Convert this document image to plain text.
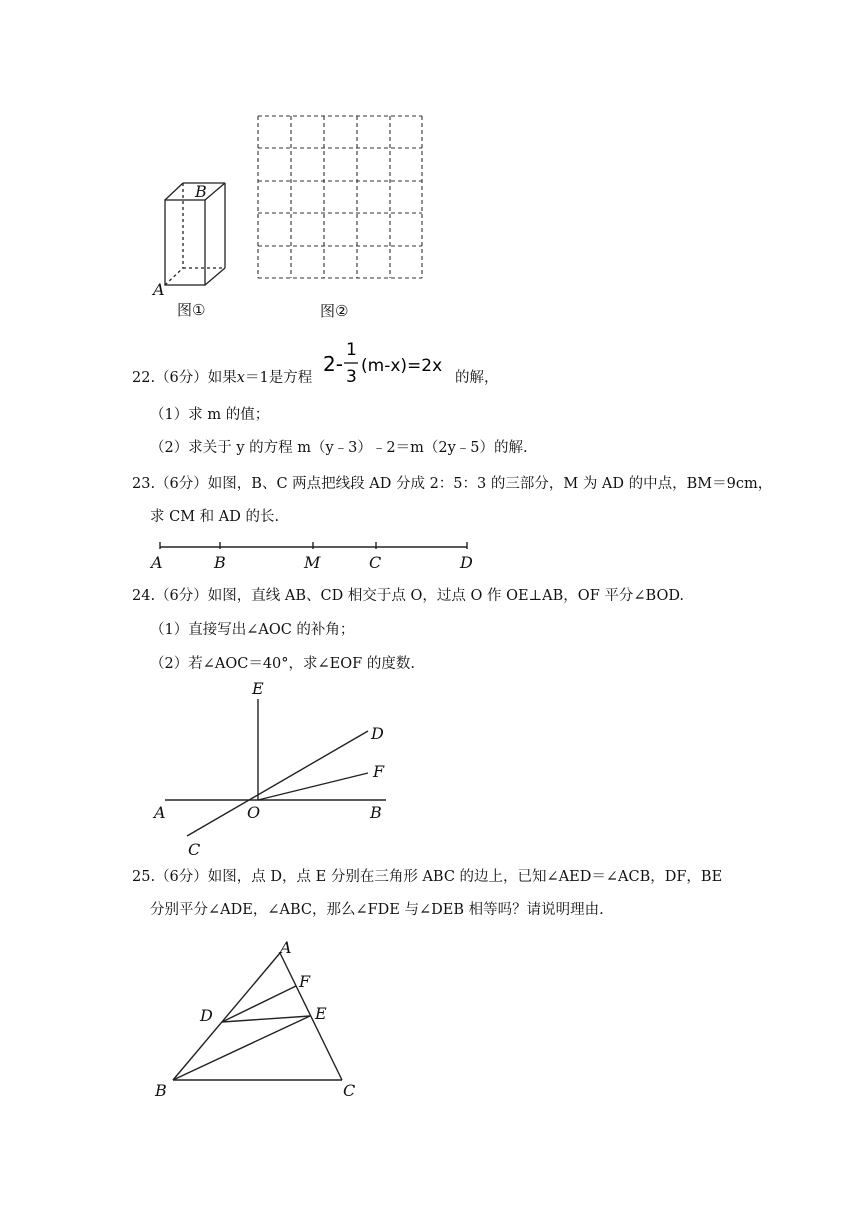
B
A
图①	图②
22.（6分）如果x＝1是方程
2-
1
3
(m-x)=2x
的解，
（1）求 m 的值；
（2）求关于 y 的方程 m（y﹣3）﹣2＝m（2y﹣5）的解.
23.（6分）如图，B、C 两点把线段 AD 分成 2：5：3 的三部分，M 为 AD 的中点，BM＝9cm，
求 CM 和 AD 的长.
A	B	M	C	D
24.（6分）如图，直线 AB、CD 相交于点 O，过点 O 作 OE⊥AB，OF 平分∠BOD.
（1）直接写出∠AOC 的补角；
（2）若∠AOC＝40°，求∠EOF 的度数.
E
D
F
A	O	B
C
25.（6分）如图，点 D，点 E 分别在三角形 ABC 的边上，已知∠AED＝∠ACB，DF，BE
分别平分∠ADE，∠ABC，那么∠FDE 与∠DEB 相等吗？请说明理由.
A
F
D	E
B	C
